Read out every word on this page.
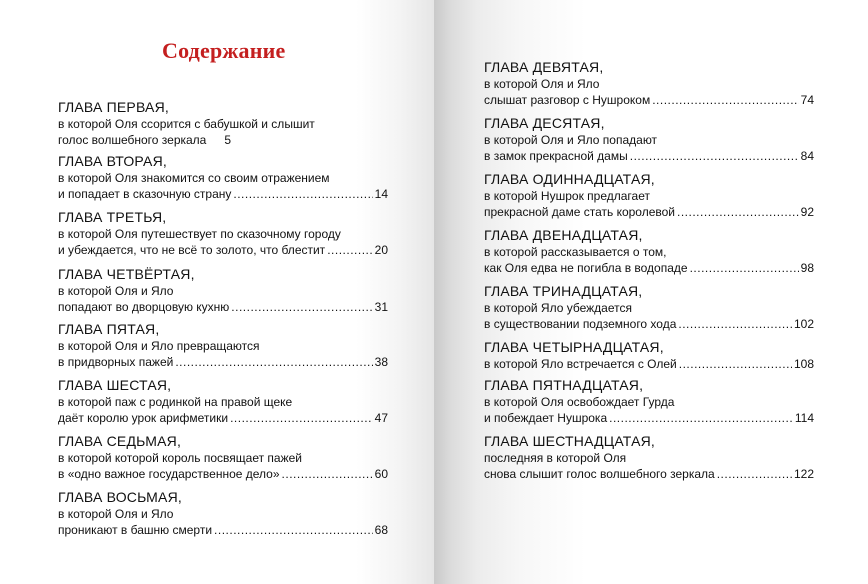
Содержание
ГЛАВА ПЕРВАЯ,
в которой Оля ссорится с бабушкой и слышит
голос волшебного зеркала 5
ГЛАВА ВТОРАЯ,
в которой Оля знакомится со своим отражением
и попадает в сказочную страну .....	14
ГЛАВА ТРЕТЬЯ,
в которой Оля путешествует по сказочному городу
и убеждается, что не всё то золото, что блестит .....	20
ГЛАВА ЧЕТВЁРТАЯ,
в которой Оля и Яло
попадают во дворцовую кухню .....	31
ГЛАВА ПЯТАЯ,
в которой Оля и Яло превращаются
в придворных пажей .....	38
ГЛАВА ШЕСТАЯ,
в которой паж с родинкой на правой щеке
даёт королю урок арифметики .....	47
ГЛАВА СЕДЬМАЯ,
в которой которой король посвящает пажей
в «одно важное государственное дело» .....	60
ГЛАВА ВОСЬМАЯ,
в которой Оля и Яло
проникают в башню смерти .....	68
ГЛАВА ДЕВЯТАЯ,
в которой Оля и Яло
слышат разговор с Нушроком .....	74
ГЛАВА ДЕСЯТАЯ,
в которой Оля и Яло попадают
в замок прекрасной дамы .....	84
ГЛАВА ОДИННАДЦАТАЯ,
в которой Нушрок предлагает
прекрасной даме стать королевой .....	92
ГЛАВА ДВЕНАДЦАТАЯ,
в которой рассказывается о том,
как Оля едва не погибла в водопаде .....	98
ГЛАВА ТРИНАДЦАТАЯ,
в которой Яло убеждается
в существовании подземного хода .....	102
ГЛАВА ЧЕТЫРНАДЦАТАЯ,
в которой Яло встречается с Олей .....	108
ГЛАВА ПЯТНАДЦАТАЯ,
в которой Оля освобождает Гурда
и побеждает Нушрока .....	114
ГЛАВА ШЕСТНАДЦАТАЯ,
последняя в которой Оля
снова слышит голос волшебного зеркала .....	122
